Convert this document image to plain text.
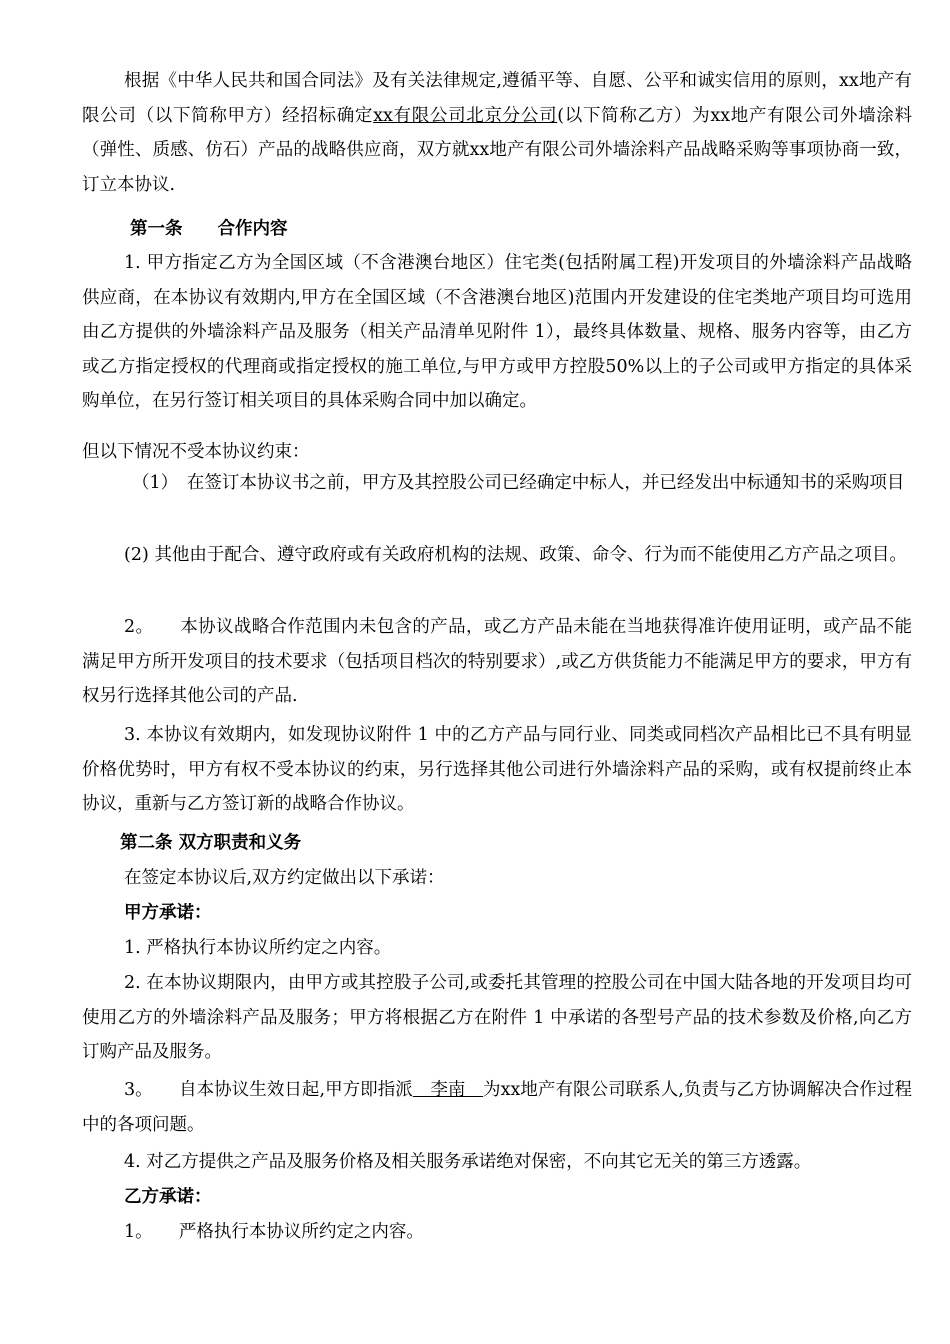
根据《中华人民共和国合同法》及有关法律规定,遵循平等、自愿、公平和诚实信用的原则，xx地产有限公司（以下简称甲方）经招标确定xx有限公司北京分公司(以下简称乙方）为xx地产有限公司外墙涂料（弹性、质感、仿石）产品的战略供应商，双方就xx地产有限公司外墙涂料产品战略采购等事项协商一致，订立本协议.

第一条　　合作内容

1. 甲方指定乙方为全国区域（不含港澳台地区）住宅类(包括附属工程)开发项目的外墙涂料产品战略供应商，在本协议有效期内,甲方在全国区域（不含港澳台地区)范围内开发建设的住宅类地产项目均可选用由乙方提供的外墙涂料产品及服务（相关产品清单见附件 1），最终具体数量、规格、服务内容等，由乙方或乙方指定授权的代理商或指定授权的施工单位,与甲方或甲方控股50%以上的子公司或甲方指定的具体采购单位，在另行签订相关项目的具体采购合同中加以确定。

但以下情况不受本协议约束：

（1）　在签订本协议书之前，甲方及其控股公司已经确定中标人，并已经发出中标通知书的采购项目

(2) 其他由于配合、遵守政府或有关政府机构的法规、政策、命令、行为而不能使用乙方产品之项目。

2。　　本协议战略合作范围内未包含的产品，或乙方产品未能在当地获得准许使用证明，或产品不能满足甲方所开发项目的技术要求（包括项目档次的特别要求）,或乙方供货能力不能满足甲方的要求，甲方有权另行选择其他公司的产品.

3. 本协议有效期内，如发现协议附件 1 中的乙方产品与同行业、同类或同档次产品相比已不具有明显价格优势时，甲方有权不受本协议的约束，另行选择其他公司进行外墙涂料产品的采购，或有权提前终止本协议，重新与乙方签订新的战略合作协议。

第二条 双方职责和义务

在签定本协议后,双方约定做出以下承诺：

甲方承诺：

1. 严格执行本协议所约定之内容。

2. 在本协议期限内，由甲方或其控股子公司,或委托其管理的控股公司在中国大陆各地的开发项目均可使用乙方的外墙涂料产品及服务；甲方将根据乙方在附件 1 中承诺的各型号产品的技术参数及价格,向乙方订购产品及服务。

3。　　自本协议生效日起,甲方即指派　李南　为xx地产有限公司联系人,负责与乙方协调解决合作过程中的各项问题。

4. 对乙方提供之产品及服务价格及相关服务承诺绝对保密，不向其它无关的第三方透露。

乙方承诺：

1。　　严格执行本协议所约定之内容。
